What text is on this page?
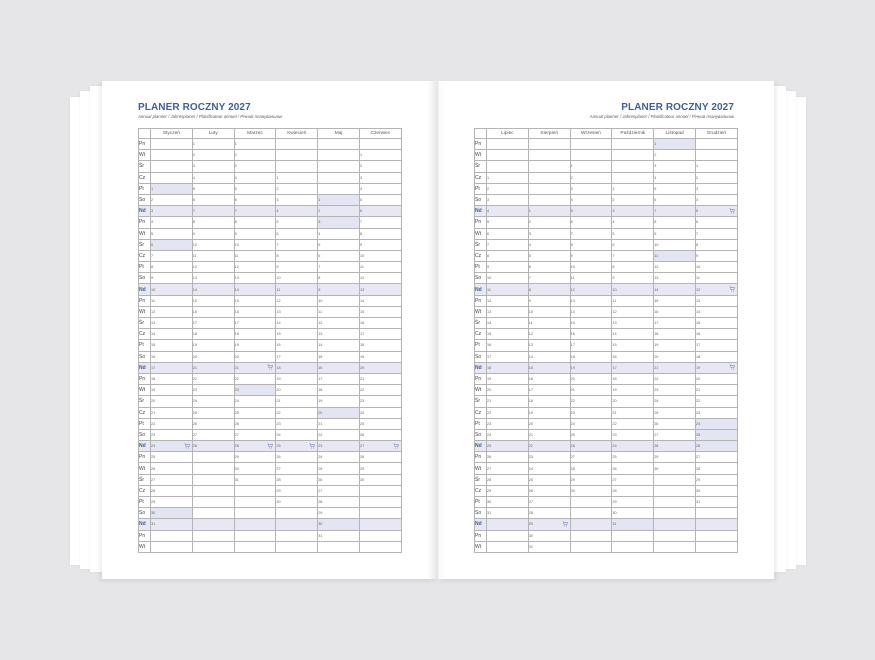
PLANER ROCZNY 2027
Annual planner / Jahresplaner / Planificateur annuel / Річний планувальник
	Styczeń	Luty	Marzec	Kwiecień	Maj	Czerwiec
Pn		1	1			
Wt		2	2			1
Śr		3	3			2
Cz		4	4	1		3
Pt	1	5	5	2		4
So	2	6	6	3	1	5
Nd	3	7	7	4	2	6
Pn	4	8	8	5	3	7
Wt	5	9	9	6	4	8
Śr	6	10	10	7	5	9
Cz	7	11	11	8	6	10
Pt	8	12	12	9	7	11
So	9	13	13	10	8	12
Nd	10	14	14	11	9	13
Pn	11	15	15	12	10	14
Wt	12	16	16	13	11	15
Śr	13	17	17	14	12	16
Cz	14	18	18	15	13	17
Pt	15	19	19	16	14	18
So	16	20	20	17	15	19
Nd	17	21	21	18	16	20
Pn	18	22	22	19	17	21
Wt	19	23	23	20	18	22
Śr	20	24	24	21	19	23
Cz	21	25	25	22	20	24
Pt	22	26	26	23	21	25
So	23	27	27	24	22	26
Nd	24	28	28	25	23	27

Pn	25		29	26	24	28
Wt	26		30	27	25	29
Śr	27		31	28	26	30
Cz	28			29	27	
Pt	29			30	28	
So	30				29	
Nd	31				30	
Pn					31	
Wt						
PLANER ROCZNY 2027
Annual planner / Jahresplaner / Planificateur annuel / Річний планувальник
	Lipiec	Sierpień	Wrzesień	Październik	Listopad	Grudzień
Pn					1	
Wt					2	
Śr			1		3	1
Cz	1		2		4	2
Pt	2		3	1	5	3
So	3		4	2	6	4
Nd	4	1	5	3	7	5

Pn	5	2	6	4	8	6
Wt	6	3	7	5	9	7
Śr	7	4	8	6	10	8
Cz	8	5	9	7	11	9
Pt	9	6	10	8	12	10
So	10	7	11	9	13	11
Nd	11	8	12	10	14	12

Pn	12	9	13	11	15	13
Wt	13	10	14	12	16	14
Śr	14	11	15	13	17	15
Cz	15	12	16	14	18	16
Pt	16	13	17	15	19	17
So	17	14	18	16	20	18
Nd	18	15	19	17	21	19

Pn	19	16	20	18	22	20
Wt	20	17	21	19	23	21
Śr	21	18	22	20	24	22
Cz	22	19	23	21	25	23
Pt	23	20	24	22	26	24
So	24	21	25	23	27	25
Nd	25	22	26	24	28	26
Pn	26	23	27	25	29	27
Wt	27	24	28	26	30	28
Śr	28	25	29	27		29
Cz	29	26	30	28		30
Pt	30	27		29		31
So	31	28		30		
Nd		29		31		
Pn		30				
Wt		31				
